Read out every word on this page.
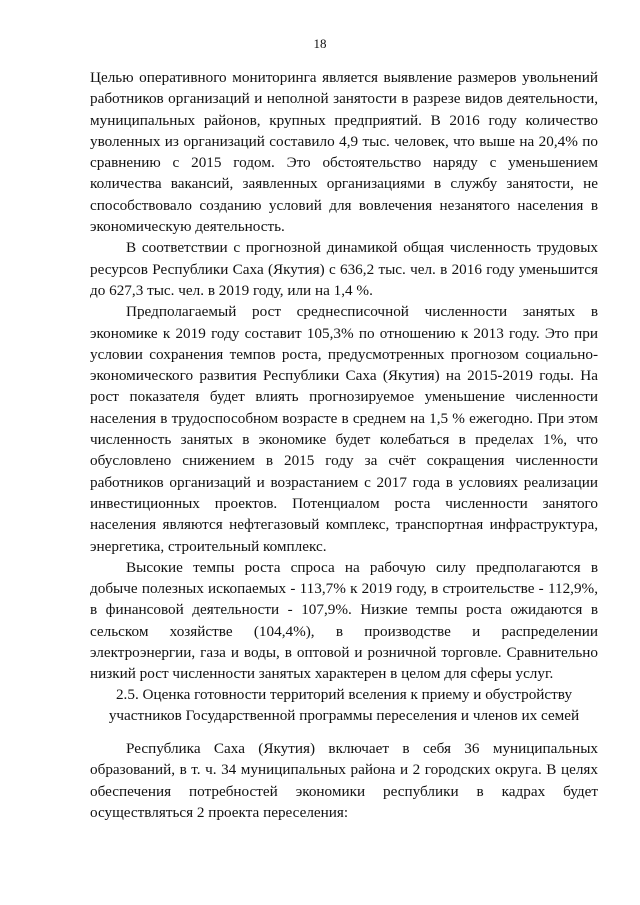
18

Целью оперативного мониторинга является выявление размеров увольнений работников организаций и неполной занятости в разрезе видов деятельности, муниципальных районов, крупных предприятий. В 2016 году количество уволенных из организаций составило 4,9 тыс. человек, что выше на 20,4% по сравнению с 2015 годом. Это обстоятельство наряду с уменьшением количества вакансий, заявленных организациями в службу занятости, не способствовало созданию условий для вовлечения незанятого населения в экономическую деятельность.

В соответствии с прогнозной динамикой общая численность трудовых ресурсов Республики Саха (Якутия) с 636,2 тыс. чел. в 2016 году уменьшится до 627,3 тыс. чел. в 2019 году, или на 1,4 %.

Предполагаемый рост среднесписочной численности занятых в экономике к 2019 году составит 105,3% по отношению к 2013 году. Это при условии сохранения темпов роста, предусмотренных прогнозом социально-экономического развития Республики Саха (Якутия) на 2015-2019 годы. На рост показателя будет влиять прогнозируемое уменьшение численности населения в трудоспособном возрасте в среднем на 1,5 % ежегодно. При этом численность занятых в экономике будет колебаться в пределах 1%, что обусловлено снижением в 2015 году за счёт сокращения численности работников организаций и возрастанием с 2017 года в условиях реализации инвестиционных проектов. Потенциалом роста численности занятого населения являются нефтегазовый комплекс, транспортная инфраструктура, энергетика, строительный комплекс.

Высокие темпы роста спроса на рабочую силу предполагаются в добыче полезных ископаемых - 113,7% к 2019 году, в строительстве - 112,9%, в финансовой деятельности - 107,9%. Низкие темпы роста ожидаются в сельском хозяйстве (104,4%), в производстве и распределении электроэнергии, газа и воды, в оптовой и розничной торговле. Сравнительно низкий рост численности занятых характерен в целом для сферы услуг.

2.5. Оценка готовности территорий вселения к приему и обустройству
участников Государственной программы переселения и членов их семей

Республика Саха (Якутия) включает в себя 36 муниципальных образований, в т. ч. 34 муниципальных района и 2 городских округа. В целях обеспечения потребностей экономики республики в кадрах будет осуществляться 2 проекта переселения:
